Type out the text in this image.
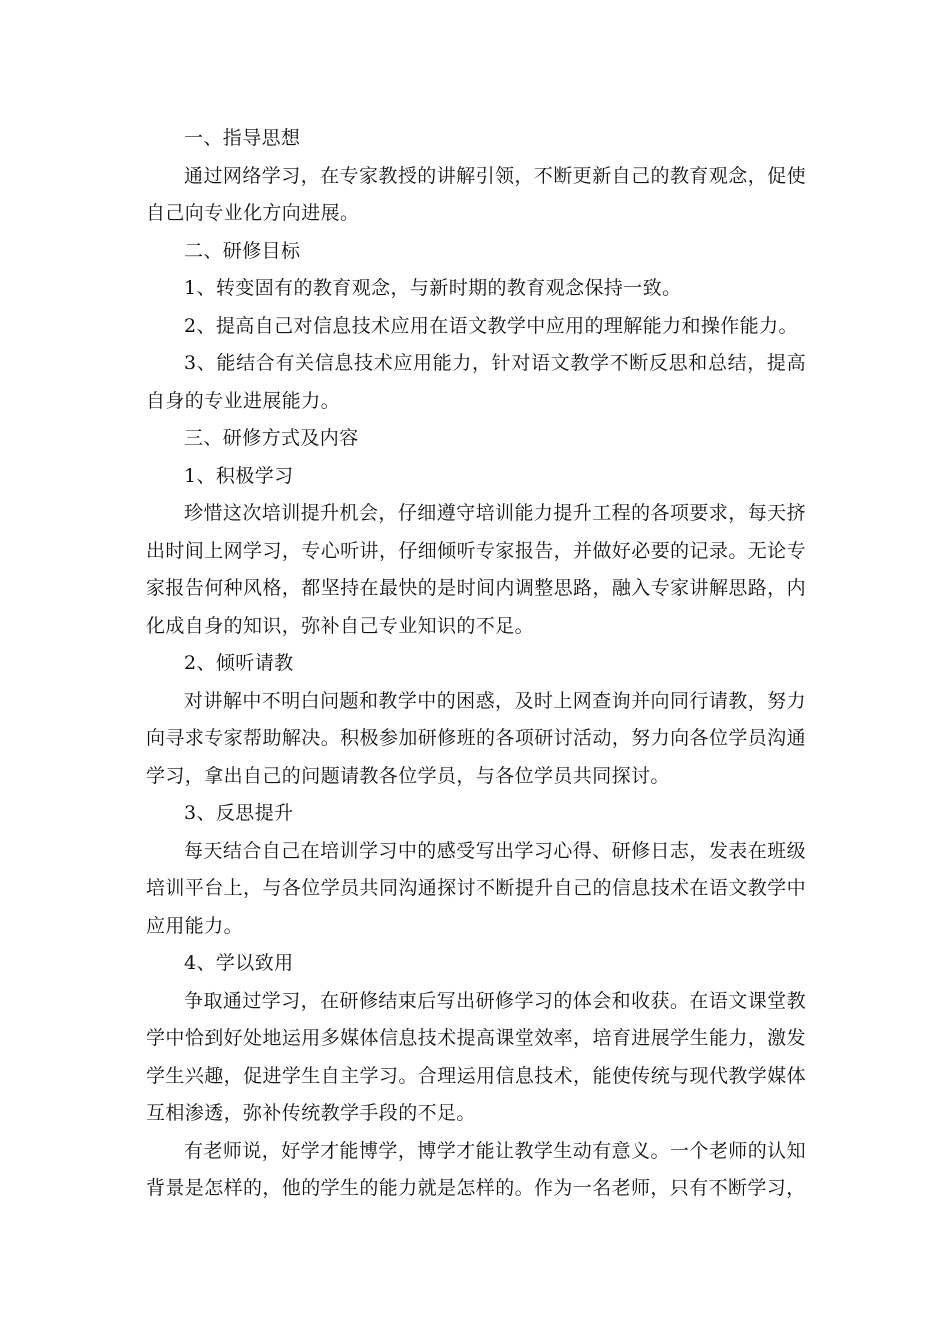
一、指导思想

通过网络学习，在专家教授的讲解引领，不断更新自己的教育观念，促使自己向专业化方向进展。

二、研修目标

1、转变固有的教育观念，与新时期的教育观念保持一致。

2、提高自己对信息技术应用在语文教学中应用的理解能力和操作能力。

3、能结合有关信息技术应用能力，针对语文教学不断反思和总结，提高自身的专业进展能力。

三、研修方式及内容

1、积极学习

珍惜这次培训提升机会，仔细遵守培训能力提升工程的各项要求，每天挤出时间上网学习，专心听讲，仔细倾听专家报告，并做好必要的记录。无论专家报告何种风格，都坚持在最快的是时间内调整思路，融入专家讲解思路，内化成自身的知识，弥补自己专业知识的不足。

2、倾听请教

对讲解中不明白问题和教学中的困惑，及时上网查询并向同行请教，努力向寻求专家帮助解决。积极参加研修班的各项研讨活动，努力向各位学员沟通学习，拿出自己的问题请教各位学员，与各位学员共同探讨。

3、反思提升

每天结合自己在培训学习中的感受写出学习心得、研修日志，发表在班级培训平台上，与各位学员共同沟通探讨不断提升自己的信息技术在语文教学中应用能力。

4、学以致用

争取通过学习，在研修结束后写出研修学习的体会和收获。在语文课堂教学中恰到好处地运用多媒体信息技术提高课堂效率，培育进展学生能力，激发学生兴趣，促进学生自主学习。合理运用信息技术，能使传统与现代教学媒体互相渗透，弥补传统教学手段的不足。

有老师说，好学才能博学，博学才能让教学生动有意义。一个老师的认知背景是怎样的，他的学生的能力就是怎样的。作为一名老师，只有不断学习，
